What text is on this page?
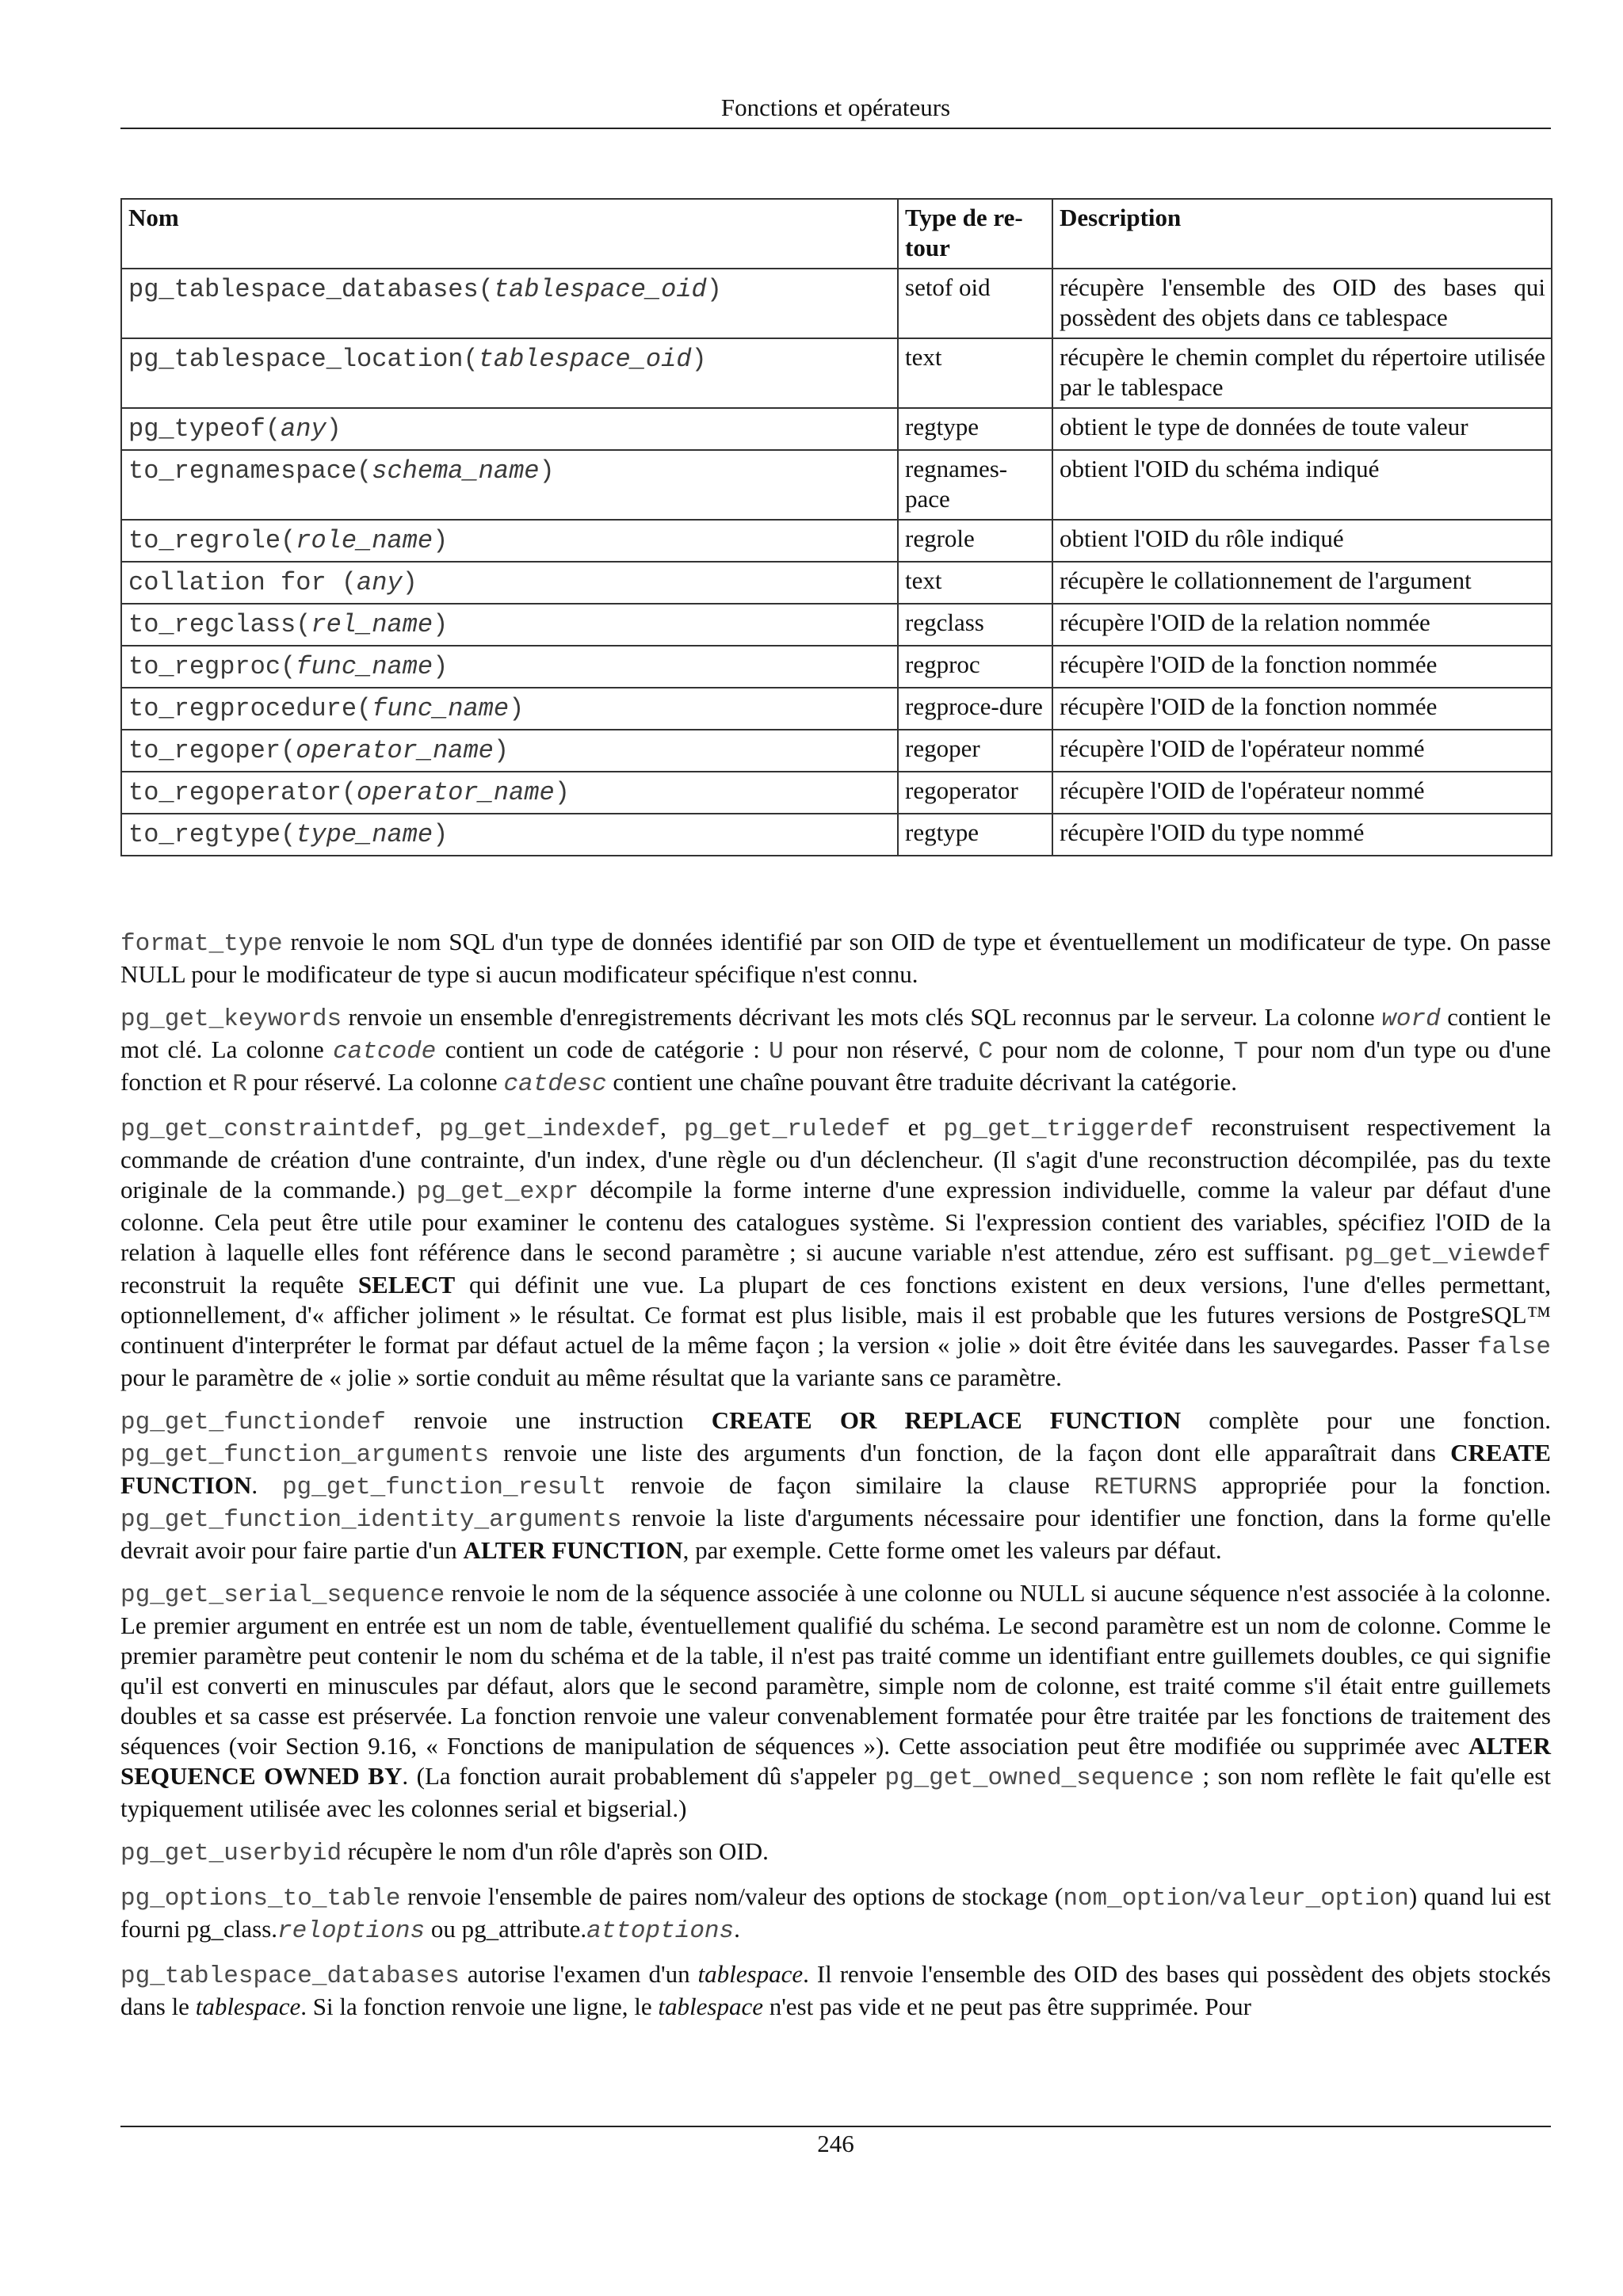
Fonctions et opérateurs
Nom	Type de re-tour	Description
pg_tablespace_databases(tablespace_oid)	setof oid	récupère l'ensemble des OID des bases qui possèdent des objets dans ce tablespace
pg_tablespace_location(tablespace_oid)	text	récupère le chemin complet du répertoire utilisée par le tablespace
pg_typeof(any)	regtype	obtient le type de données de toute valeur
to_regnamespace(schema_name)	regnames-pace	obtient l'OID du schéma indiqué
to_regrole(role_name)	regrole	obtient l'OID du rôle indiqué
collation for (any)	text	récupère le collationnement de l'argument
to_regclass(rel_name)	regclass	récupère l'OID de la relation nommée
to_regproc(func_name)	regproc	récupère l'OID de la fonction nommée
to_regprocedure(func_name)	regproce-dure	récupère l'OID de la fonction nommée
to_regoper(operator_name)	regoper	récupère l'OID de l'opérateur nommé
to_regoperator(operator_name)	regoperator	récupère l'OID de l'opérateur nommé
to_regtype(type_name)	regtype	récupère l'OID du type nommé

format_type renvoie le nom SQL d'un type de données identifié par son OID de type et éventuellement un modificateur de type. On passe NULL pour le modificateur de type si aucun modificateur spécifique n'est connu.

pg_get_keywords renvoie un ensemble d'enregistrements décrivant les mots clés SQL reconnus par le serveur. La colonne word contient le mot clé. La colonne catcode contient un code de catégorie : U pour non réservé, C pour nom de colonne, T pour nom d'un type ou d'une fonction et R pour réservé. La colonne catdesc contient une chaîne pouvant être traduite décrivant la catégorie.

pg_get_constraintdef, pg_get_indexdef, pg_get_ruledef et pg_get_triggerdef reconstruisent respectivement la commande de création d'une contrainte, d'un index, d'une règle ou d'un déclencheur. (Il s'agit d'une reconstruction décompilée, pas du texte originale de la commande.) pg_get_expr décompile la forme interne d'une expression individuelle, comme la valeur par défaut d'une colonne. Cela peut être utile pour examiner le contenu des catalogues système. Si l'expression contient des variables, spécifiez l'OID de la relation à laquelle elles font référence dans le second paramètre ; si aucune variable n'est attendue, zéro est suffisant. pg_get_viewdef reconstruit la requête SELECT qui définit une vue. La plupart de ces fonctions existent en deux versions, l'une d'elles permettant, optionnellement, d'« afficher joliment » le résultat. Ce format est plus lisible, mais il est probable que les futures versions de PostgreSQL™ continuent d'interpréter le format par défaut actuel de la même façon ; la version « jolie » doit être évitée dans les sauvegardes. Passer false pour le paramètre de « jolie » sortie conduit au même résultat que la variante sans ce paramètre.

pg_get_functiondef renvoie une instruction CREATE OR REPLACE FUNCTION complète pour une fonction. pg_get_function_arguments renvoie une liste des arguments d'un fonction, de la façon dont elle apparaîtrait dans CREATE FUNCTION. pg_get_function_result renvoie de façon similaire la clause RETURNS appropriée pour la fonction. pg_get_function_identity_arguments renvoie la liste d'arguments nécessaire pour identifier une fonction, dans la forme qu'elle devrait avoir pour faire partie d'un ALTER FUNCTION, par exemple. Cette forme omet les valeurs par défaut.

pg_get_serial_sequence renvoie le nom de la séquence associée à une colonne ou NULL si aucune séquence n'est associée à la colonne. Le premier argument en entrée est un nom de table, éventuellement qualifié du schéma. Le second paramètre est un nom de colonne. Comme le premier paramètre peut contenir le nom du schéma et de la table, il n'est pas traité comme un identifiant entre guillemets doubles, ce qui signifie qu'il est converti en minuscules par défaut, alors que le second paramètre, simple nom de colonne, est traité comme s'il était entre guillemets doubles et sa casse est préservée. La fonction renvoie une valeur convenablement formatée pour être traitée par les fonctions de traitement des séquences (voir Section 9.16, « Fonctions de manipulation de séquences »). Cette association peut être modifiée ou supprimée avec ALTER SEQUENCE OWNED BY. (La fonction aurait probablement dû s'appeler pg_get_owned_sequence ; son nom reflète le fait qu'elle est typiquement utilisée avec les colonnes serial et bigserial.)

pg_get_userbyid récupère le nom d'un rôle d'après son OID.

pg_options_to_table renvoie l'ensemble de paires nom/valeur des options de stockage (nom_option/valeur_option) quand lui est fourni pg_class.reloptions ou pg_attribute.attoptions.

pg_tablespace_databases autorise l'examen d'un tablespace. Il renvoie l'ensemble des OID des bases qui possèdent des objets stockés dans le tablespace. Si la fonction renvoie une ligne, le tablespace n'est pas vide et ne peut pas être supprimée. Pour

246
